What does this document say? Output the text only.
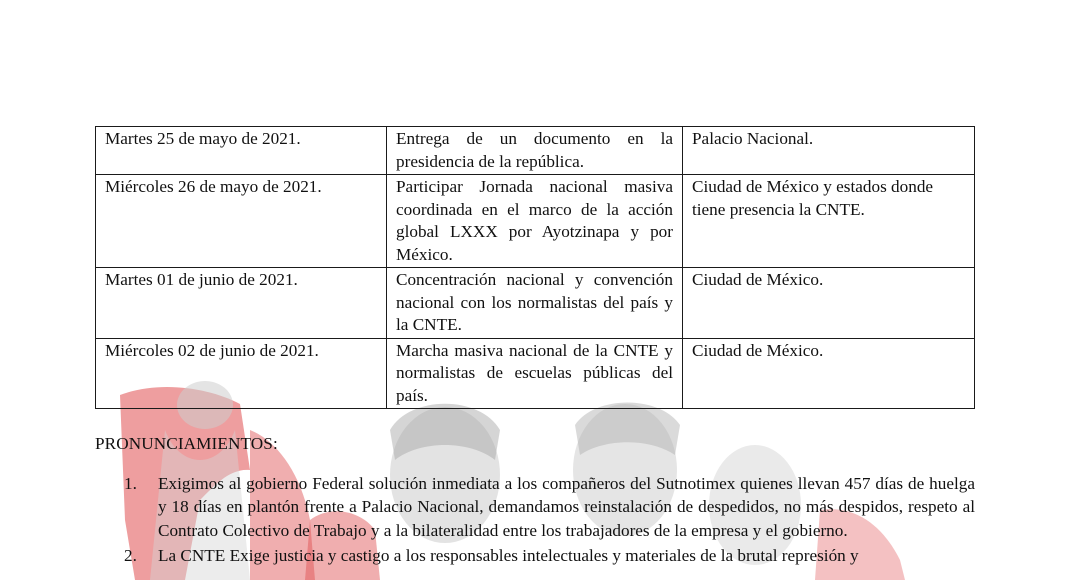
Martes 25 de mayo de 2021.	Entrega de un documento en la presidencia de la república.	Palacio Nacional.
Miércoles 26 de mayo de 2021.	Participar Jornada nacional masiva coordinada en el marco de la acción global LXXX por Ayotzinapa y por México.	Ciudad de México y estados donde tiene presencia la CNTE.
Martes 01 de junio de 2021.	Concentración nacional y convención nacional con los normalistas del país y la CNTE.	Ciudad de México.
Miércoles 02 de junio de 2021.	Marcha masiva nacional de la CNTE y normalistas de escuelas públicas del país.	Ciudad de México.
PRONUNCIAMIENTOS:
1. Exigimos al gobierno Federal solución inmediata a los compañeros del Sutnotimex quienes llevan 457 días de huelga y 18 días en plantón frente a Palacio Nacional, demandamos reinstalación de despedidos, no más despidos, respeto al Contrato Colectivo de Trabajo y a la bilateralidad entre los trabajadores de la empresa y el gobierno.
2. La CNTE Exige justicia y castigo a los responsables intelectuales y materiales de la brutal represión y
